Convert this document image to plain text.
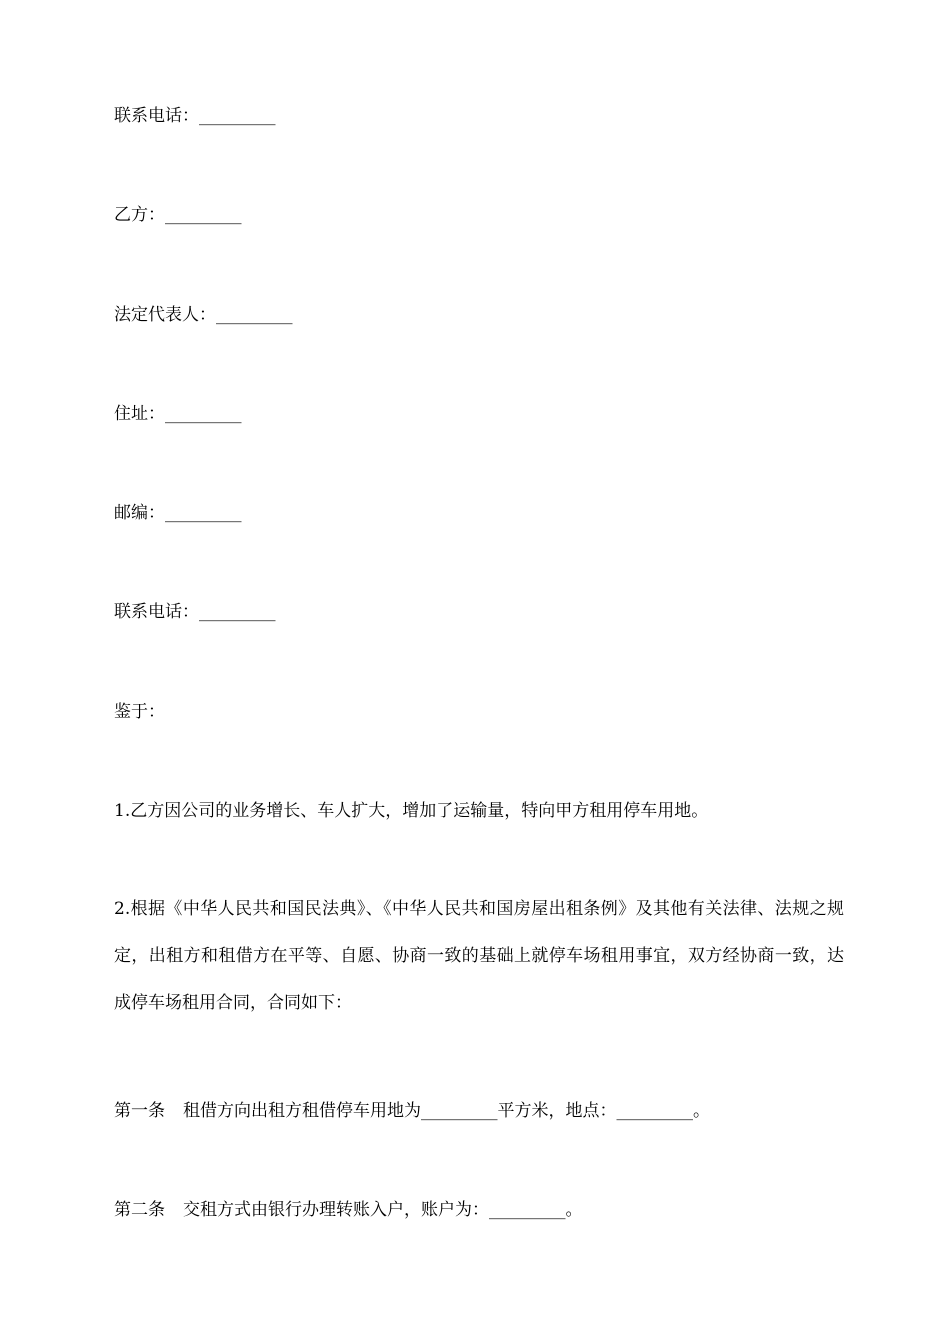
联系电话：_________
乙方：_________
法定代表人：_________
住址：_________
邮编：_________
联系电话：_________
鉴于：
1.乙方因公司的业务增长、车人扩大，增加了运输量，特向甲方租用停车用地。
2.根据《中华人民共和国民法典》、《中华人民共和国房屋出租条例》及其他有关法律、法规之规定，出租方和租借方在平等、自愿、协商一致的基础上就停车场租用事宜，双方经协商一致，达成停车场租用合同，合同如下：
第一条 租借方向出租方租借停车用地为_________平方米，地点：_________。
第二条 交租方式由银行办理转账入户，账户为：_________。
